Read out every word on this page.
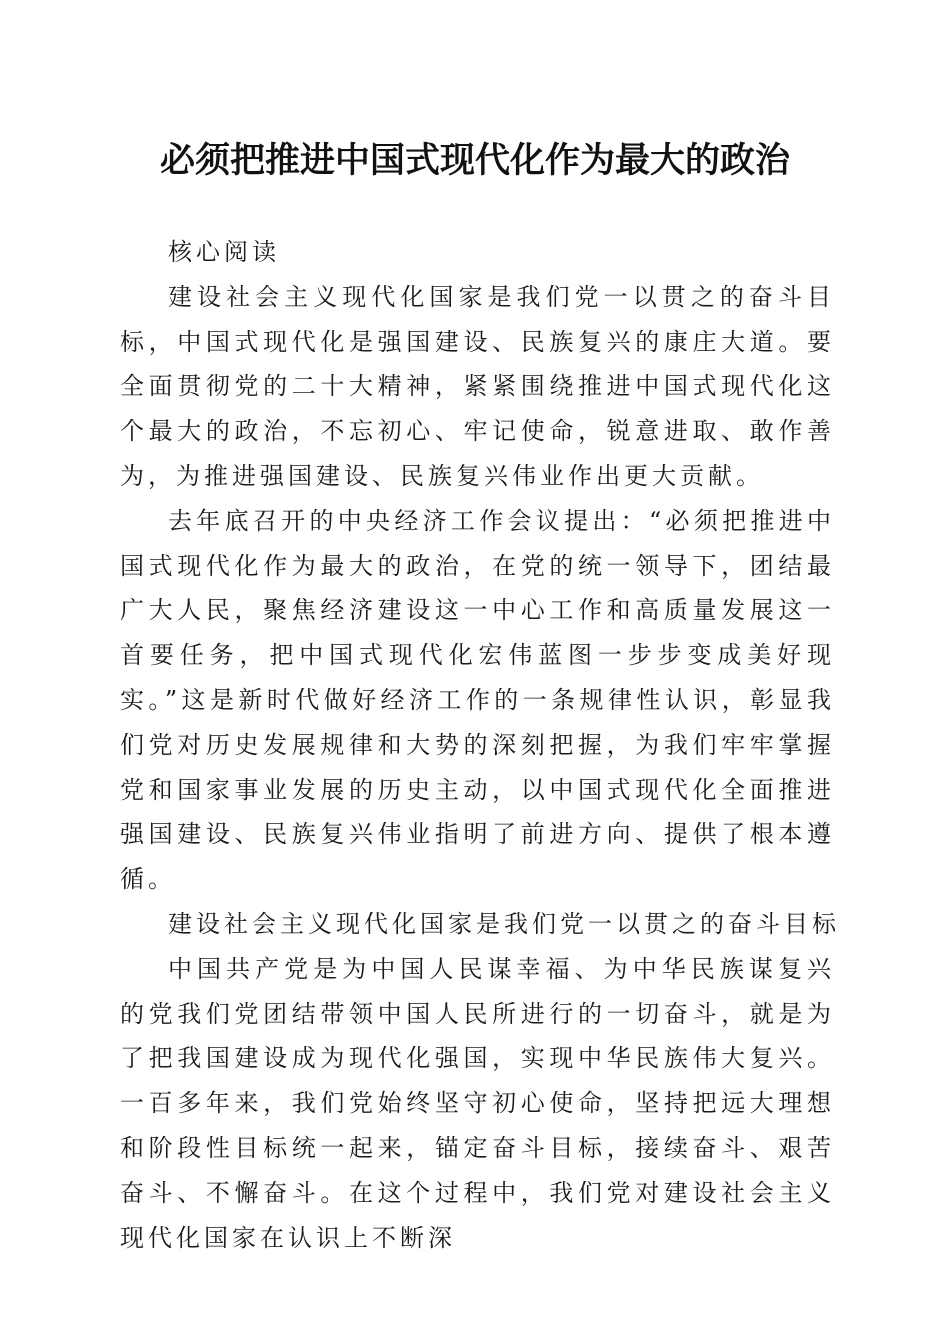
必须把推进中国式现代化作为最大的政治

核心阅读

建设社会主义现代化国家是我们党一以贯之的奋斗目标，中国式现代化是强国建设、民族复兴的康庄大道。要全面贯彻党的二十大精神，紧紧围绕推进中国式现代化这个最大的政治，不忘初心、牢记使命，锐意进取、敢作善为，为推进强国建设、民族复兴伟业作出更大贡献。

去年底召开的中央经济工作会议提出：“必须把推进中国式现代化作为最大的政治，在党的统一领导下，团结最广大人民，聚焦经济建设这一中心工作和高质量发展这一首要任务，把中国式现代化宏伟蓝图一步步变成美好现实。”这是新时代做好经济工作的一条规律性认识，彰显我们党对历史发展规律和大势的深刻把握，为我们牢牢掌握党和国家事业发展的历史主动，以中国式现代化全面推进强国建设、民族复兴伟业指明了前进方向、提供了根本遵循。

建设社会主义现代化国家是我们党一以贯之的奋斗目标

中国共产党是为中国人民谋幸福、为中华民族谋复兴的党我们党团结带领中国人民所进行的一切奋斗，就是为了把我国建设成为现代化强国，实现中华民族伟大复兴。一百多年来，我们党始终坚守初心使命，坚持把远大理想和阶段性目标统一起来，锚定奋斗目标，接续奋斗、艰苦奋斗、不懈奋斗。在这个过程中，我们党对建设社会主义现代化国家在认识上不断深
